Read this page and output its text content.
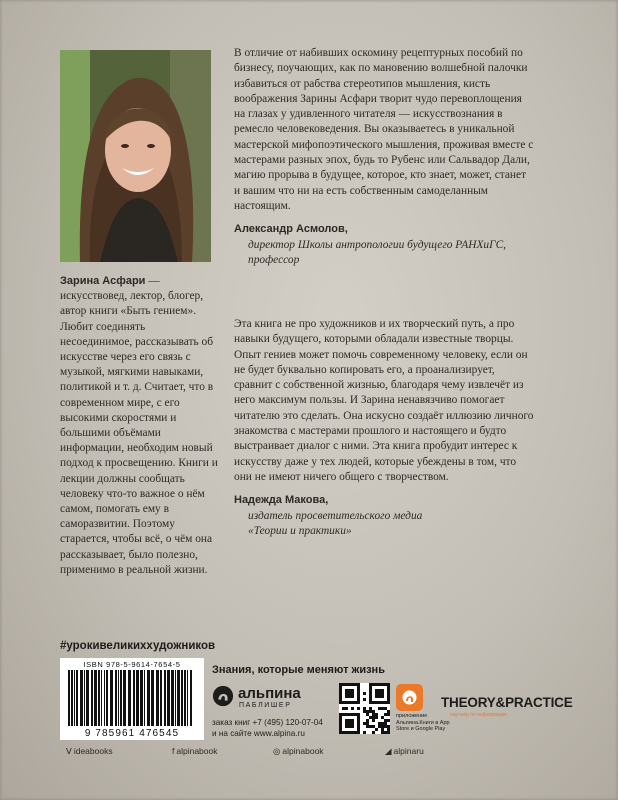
Зарина Асфари — искусствовед, лектор, блогер, автор книги «Быть гением». Любит соединять несоединимое, рассказывать об искусстве через его связь с музыкой, мягкими навыками, политикой и т. д. Считает, что в современном мире, с его высокими скоростями и большими объёмами информации, необходим новый подход к просвещению. Книги и лекции должны сообщать человеку что-то важное о нём самом, помогать ему в саморазвитии. Поэтому старается, чтобы всё, о чём она рассказывает, было полезно, применимо в реальной жизни.

В отличие от набивших оскомину рецептурных пособий по бизнесу, поучающих, как по мановению волшебной палочки избавиться от рабства стереотипов мышления, кисть воображения Зарины Асфари творит чудо перевоплощения на глазах у удивленного читателя — искусствознания в ремесло человековедения. Вы оказываетесь в уникальной мастерской мифопоэтического мышления, проживая вместе с мастерами разных эпох, будь то Рубенс или Сальвадор Дали, магию прорыва в будущее, которое, кто знает, может, станет и вашим что ни на есть собственным самоделанным настоящим.

Александр Асмолов,

директор Школы антропологии будущего РАНХиГС,

профессор

Эта книга не про художников и их творческий путь, а про навыки будущего, которыми обладали известные творцы. Опыт гениев может помочь современному человеку, если он не будет буквально копировать его, а проанализирует, сравнит с собственной жизнью, благодаря чему извлечёт из него максимум пользы. И Зарина ненавязчиво помогает читателю это сделать. Она искусно создаёт иллюзию личного знакомства с мастерами прошлого и настоящего и будто выстраивает диалог с ними. Эта книга пробудит интерес к искусству даже у тех людей, которые убеждены в том, что они не имеют ничего общего с творчеством.

Надежда Макова,

издатель просветительского медиа

«Теории и практики»

#урокивеликиххудожников
ISBN 978-5-9614-7654-5
9 785961 476545
Знания, которые меняют жизнь
альпина
ПАБЛИШЕР
заказ книг +7 (495) 120-07-04
и на сайте www.alpina.ru
приложение Альпина.Книги в App Store и Google Play
THEORY&PRACTICE
партнёр по информации
ᐯ ideabooks	f alpinabook	◎ alpinabook	◢ alpinaru
